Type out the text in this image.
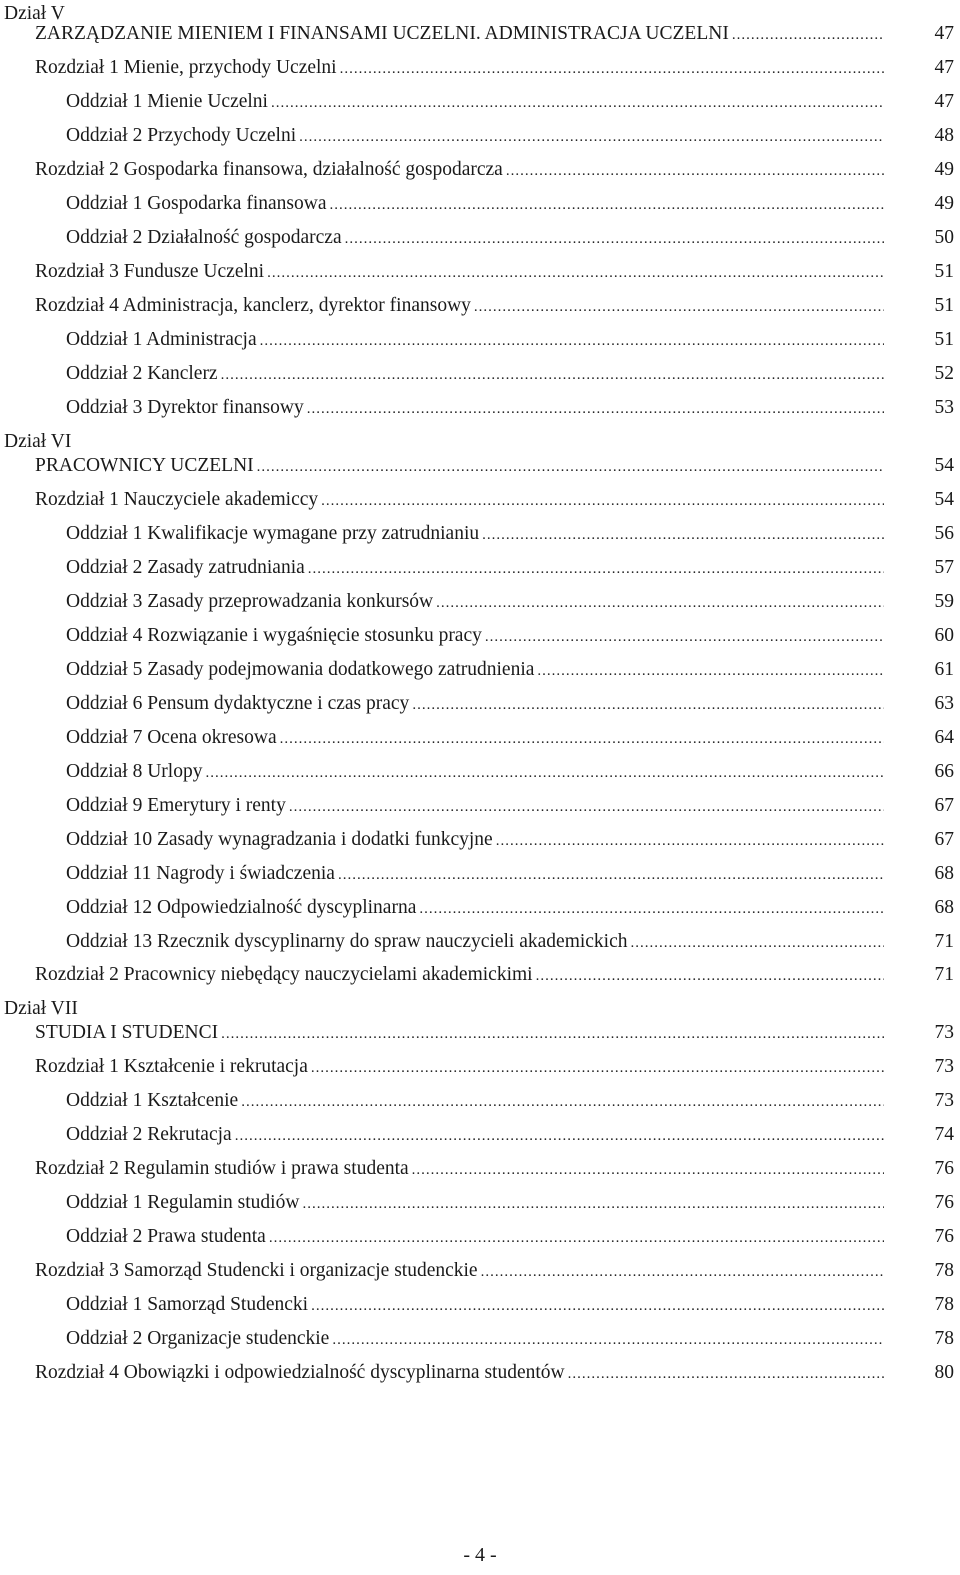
Dział V
ZARZĄDZANIE MIENIEM I FINANSAMI UCZELNI. ADMINISTRACJA UCZELNI .....	47
Rozdział 1 Mienie, przychody Uczelni .....	47
Oddział 1 Mienie Uczelni .....	47
Oddział 2 Przychody Uczelni .....	48
Rozdział 2 Gospodarka finansowa, działalność gospodarcza .....	49
Oddział 1 Gospodarka finansowa .....	49
Oddział 2 Działalność gospodarcza .....	50
Rozdział 3 Fundusze Uczelni .....	51
Rozdział 4 Administracja, kanclerz, dyrektor finansowy .....	51
Oddział 1 Administracja .....	51
Oddział 2 Kanclerz .....	52
Oddział 3 Dyrektor finansowy .....	53
Dział VI
PRACOWNICY UCZELNI .....	54
Rozdział 1 Nauczyciele akademiccy .....	54
Oddział 1 Kwalifikacje wymagane przy zatrudnianiu .....	56
Oddział 2 Zasady zatrudniania .....	57
Oddział 3 Zasady przeprowadzania konkursów .....	59
Oddział 4 Rozwiązanie i wygaśnięcie stosunku pracy .....	60
Oddział 5 Zasady podejmowania dodatkowego zatrudnienia .....	61
Oddział 6 Pensum dydaktyczne i czas pracy .....	63
Oddział 7 Ocena okresowa .....	64
Oddział 8 Urlopy .....	66
Oddział 9 Emerytury i renty .....	67
Oddział 10 Zasady wynagradzania i dodatki funkcyjne .....	67
Oddział 11 Nagrody i świadczenia .....	68
Oddział 12 Odpowiedzialność dyscyplinarna .....	68
Oddział 13 Rzecznik dyscyplinarny do spraw nauczycieli akademickich .....	71
Rozdział 2 Pracownicy niebędący nauczycielami akademickimi .....	71
Dział VII
STUDIA I STUDENCI .....	73
Rozdział 1 Kształcenie i rekrutacja .....	73
Oddział 1 Kształcenie .....	73
Oddział 2 Rekrutacja .....	74
Rozdział 2 Regulamin studiów i prawa studenta .....	76
Oddział 1 Regulamin studiów .....	76
Oddział 2 Prawa studenta .....	76
Rozdział 3 Samorząd Studencki i organizacje studenckie .....	78
Oddział 1 Samorząd Studencki .....	78
Oddział 2 Organizacje studenckie .....	78
Rozdział 4 Obowiązki i odpowiedzialność dyscyplinarna studentów .....	80
- 4 -
